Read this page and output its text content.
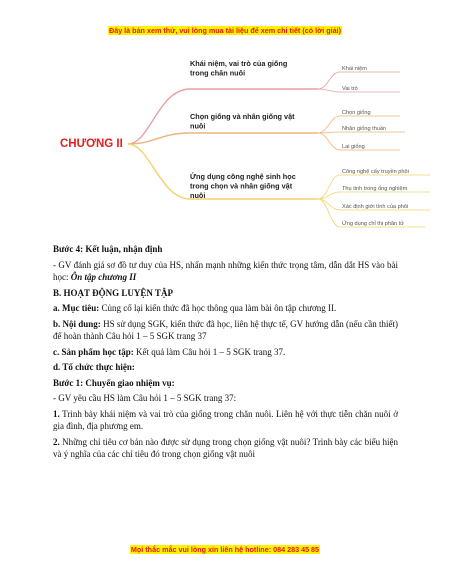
Đây là bản xem thử, vui lòng mua tài liệu để xem chi tiết (có lời giải)
CHƯƠNG II
Khái niệm, vai trò của giống trong chăn nuôi	Khái niệm
Vai trò
Chọn giống và nhân giống vật nuôi
Chọn giống
Nhân giống thuần
Lai giống
Ứng dụng công nghệ sinh học trong chọn và nhân giống vật nuôi
Công nghệ cấy truyền phôi
Thụ tinh trong ống nghiệm
Xác định giới tính của phôi
Ứng dụng chỉ thị phân tử

Bước 4: Kết luận, nhận định

- GV đánh giá sơ đồ tư duy của HS, nhấn mạnh những kiến thức trọng tâm, dẫn dắt HS vào bài học: Ôn tập chương II

B. HOẠT ĐỘNG LUYỆN TẬP

a. Mục tiêu: Củng cố lại kiến thức đã học thông qua làm bài ôn tập chương II.

b. Nội dung: HS sử dụng SGK, kiến thức đã học, liên hệ thực tế, GV hướng dẫn (nếu cần thiết) để hoàn thành Câu hỏi 1 – 5 SGK trang 37

c. Sản phẩm học tập: Kết quả làm Câu hỏi 1 – 5 SGK trang 37.

d. Tổ chức thực hiện:

Bước 1: Chuyển giao nhiệm vụ:

- GV yêu cầu HS làm Câu hỏi 1 – 5 SGK trang 37:

1. Trình bày khái niệm và vai trò của giống trong chăn nuôi. Liên hệ với thực tiễn chăn nuôi ở gia đình, địa phương em.

2. Những chỉ tiêu cơ bản nào được sử dụng trong chọn giống vật nuôi? Trình bày các biểu hiện và ý nghĩa của các chỉ tiêu đó trong chọn giống vật nuôi

Mọi thắc mắc vui lòng xin liên hệ hotline: 084 283 45 85
